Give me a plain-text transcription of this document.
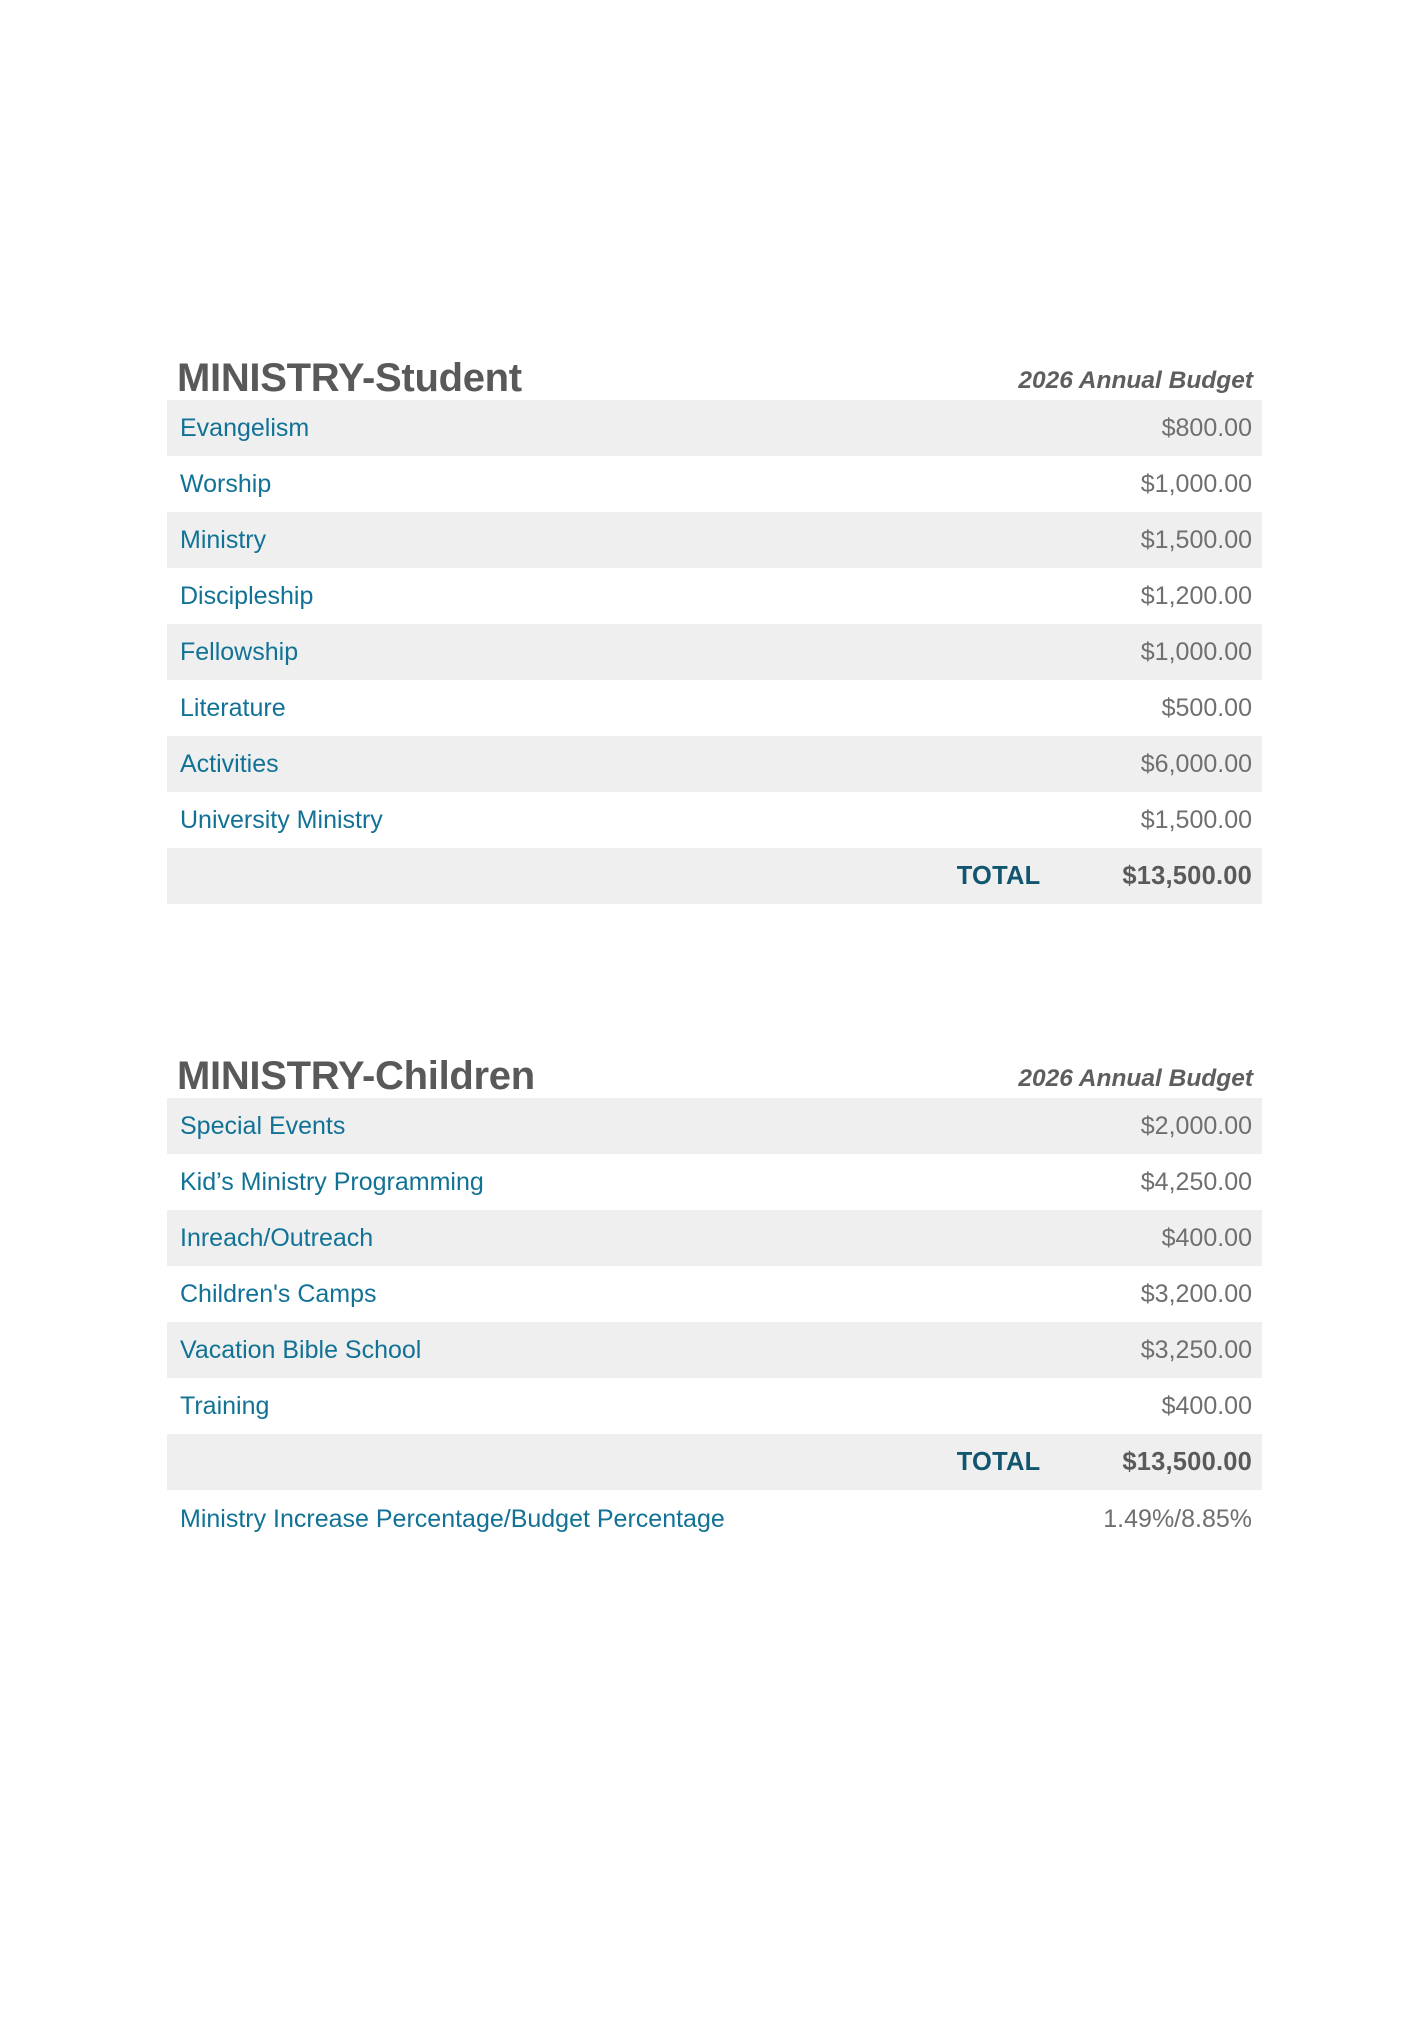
MINISTRY-Student	2026 Annual Budget
Evangelism	$800.00
Worship	$1,000.00
Ministry	$1,500.00
Discipleship	$1,200.00
Fellowship	$1,000.00
Literature	$500.00
Activities	$6,000.00
University Ministry	$1,500.00
TOTAL	$13,500.00
MINISTRY-Children	2026 Annual Budget
Special Events	$2,000.00
Kid’s Ministry Programming	$4,250.00
Inreach/Outreach	$400.00
Children's Camps	$3,200.00
Vacation Bible School	$3,250.00
Training	$400.00
TOTAL	$13,500.00
Ministry Increase Percentage/Budget Percentage	1.49%/8.85%
